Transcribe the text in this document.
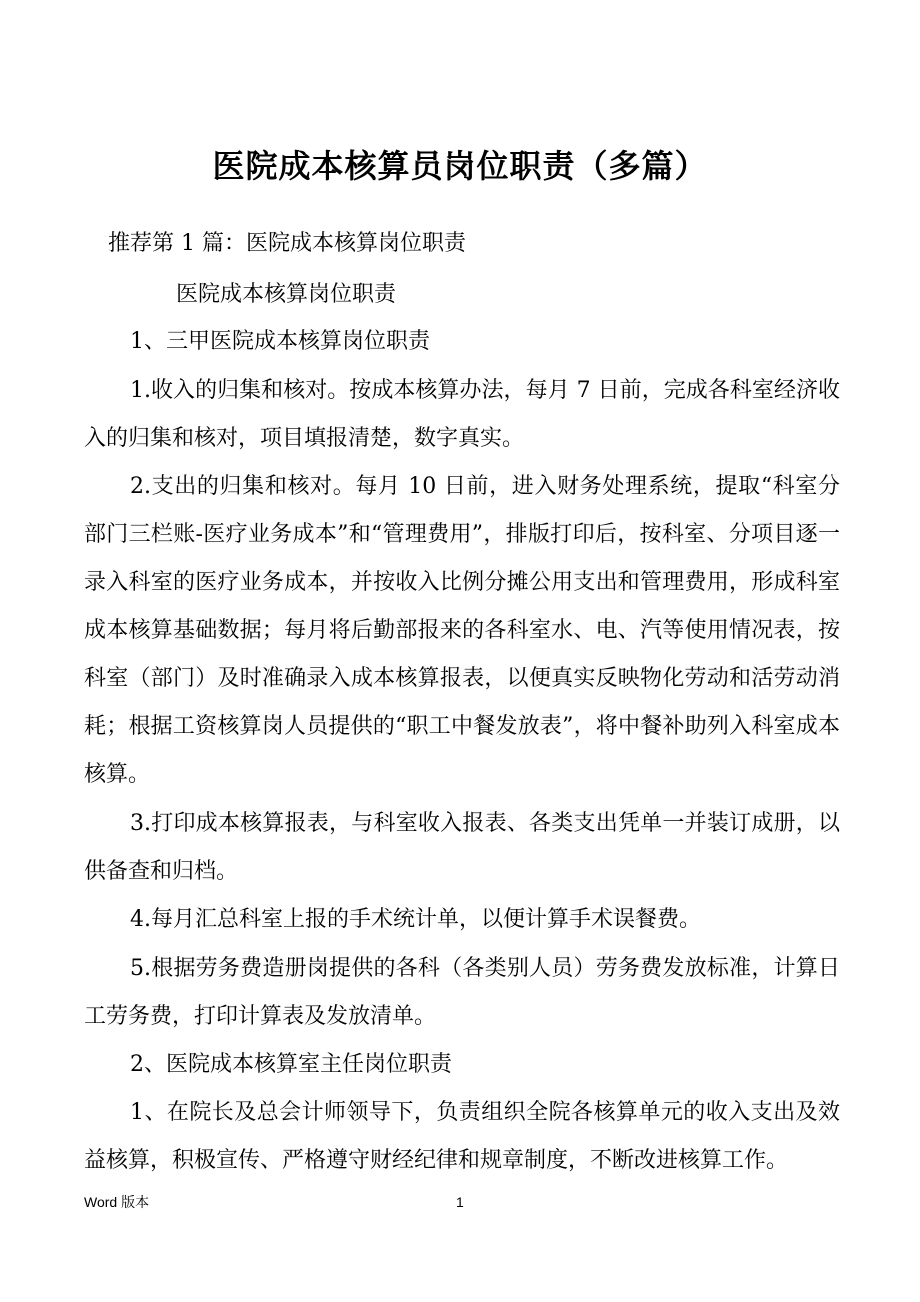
医院成本核算员岗位职责（多篇）
推荐第 1 篇：医院成本核算岗位职责
医院成本核算岗位职责
1、三甲医院成本核算岗位职责
1.收入的归集和核对。按成本核算办法，每月 7 日前，完成各科室经济收入的归集和核对，项目填报清楚，数字真实。
2.支出的归集和核对。每月 10 日前，进入财务处理系统，提取“科室分部门三栏账-医疗业务成本”和“管理费用”，排版打印后，按科室、分项目逐一录入科室的医疗业务成本，并按收入比例分摊公用支出和管理费用，形成科室成本核算基础数据；每月将后勤部报来的各科室水、电、汽等使用情况表，按科室（部门）及时准确录入成本核算报表，以便真实反映物化劳动和活劳动消耗；根据工资核算岗人员提供的“职工中餐发放表”，将中餐补助列入科室成本核算。
3.打印成本核算报表，与科室收入报表、各类支出凭单一并装订成册，以供备查和归档。
4.每月汇总科室上报的手术统计单，以便计算手术误餐费。
5.根据劳务费造册岗提供的各科（各类别人员）劳务费发放标准，计算日工劳务费，打印计算表及发放清单。
2、医院成本核算室主任岗位职责
1、在院长及总会计师领导下，负责组织全院各核算单元的收入支出及效益核算，积极宣传、严格遵守财经纪律和规章制度，不断改进核算工作。
Word 版本	1
